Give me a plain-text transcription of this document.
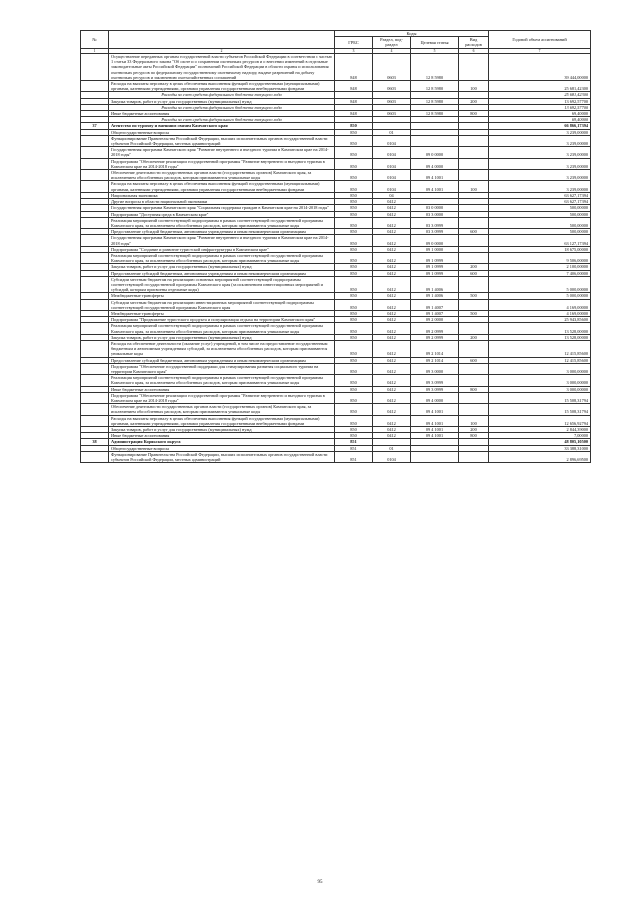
№		Коды				Годовой объем ассигнований
		ГРБС	Раздел, под- раздел	Целевая статья	Вид расходов	
1	2	3	4	5	6	7
	Осуществление переданных органам государственной власти субъектов Российской Федерации в соответствии с частью 1 статьи 33 Федерального закона "Об охоте и о сохранении охотничьих ресурсов и о внесении изменений в отдельные законодательные акты Российской Федерации" полномочий Российской Федерации в области охраны и использования охотничьих ресурсов по федеральному государственному охотничьему надзору, выдаче разрешений на добычу охотничьих ресурсов и заключению охотхозяйственных соглашений	848	0603	12 8 5980		39 444,00000
	Расходы на выплаты персоналу в целях обеспечения выполнения функций государственными (муниципальными) органами, казенными учреждениями, органами управления государственными внебюджетными фондами	848	0603	12 8 5980	100	25 681,42300
	Расходы за счет средств федерального бюджета текущего года					25 681,42300
	Закупка товаров, работ и услуг для государственных (муниципальных) нужд	848	0603	12 8 5980	200	13 692,57700
	Расходы за счет средств федерального бюджета текущего года					13 692,57700
	Иные бюджетные ассигнования	848	0603	12 8 5980	800	69,40000
	Расходы за счет средств федерального бюджета текущего года					69,40000
37	Агентство по туризму и внешним связям Камчатского края	850				66 866,17394
	Общегосударственные вопросы	850	01			3 239,00000
	Функционирование Правительства Российской Федерации, высших исполнительных органов государственной власти субъектов Российской Федерации, местных администраций	850	0104			3 239,00000
	Государственная программа Камчатского края "Развитие внутреннего и въездного туризма в Камчатском крае на 2014-2018 годы"	850	0104	09 0 0000		3 239,00000
	Подпрограмма "Обеспечение реализации государственной программы "Развитие внутреннего и въездного туризма в Камчатском крае на 2014-2018 годы"	850	0104	09 4 0000		3 239,00000
	Обеспечение деятельности государственных органов власти (государственных органов) Камчатского края, за исключением обособленных расходов, которым присваиваются уникальные коды	850	0104	09 4 1001		3 239,00000
	Расходы на выплаты персоналу в целях обеспечения выполнения функций государственными (муниципальными) органами, казенными учреждениями, органами управления государственными внебюджетными фондами	850	0104	09 4 1001	100	3 239,00000
	Национальная экономика	850	04			63 627,17394
	Другие вопросы в области национальной экономики	850	0412			63 627,17394
	Государственная программа Камчатского края "Социальная поддержка граждан в Камчатском крае на 2014-2018 годы"	850	0412	03 0 0000		500,00000
	Подпрограмма "Доступная среда в Камчатском крае"	850	0412	03 3 0000		500,00000
	Реализация мероприятий соответствующей подпрограммы в рамках соответствующей государственной программы Камчатского края, за исключением обособленных расходов, которым присваиваются уникальные коды	850	0412	03 3 0999		500,00000
	Предоставление субсидий бюджетным, автономным учреждениям и иным некоммерческим организациям	850	0412	03 3 0999	600	500,00000
	Государственная программа Камчатского края "Развитие внутреннего и въездного туризма в Камчатском крае на 2014-2018 годы"	850	0412	09 0 0000		63 127,17394
	Подпрограмма "Создание и развитие туристской инфраструктуры в Камчатском крае"	850	0412	09 1 0000		18 675,00000
	Реализация мероприятий соответствующей подпрограммы в рамках соответствующей государственной программы Камчатского края, за исключением обособленных расходов, которым присваиваются уникальные коды	850	0412	09 1 0999		9 506,00000
	Закупка товаров, работ и услуг для государственных (муниципальных) нужд	850	0412	09 1 0999	200	2 100,00000
	Предоставление субсидий бюджетным, автономным учреждениям и иным некоммерческим организациям	850	0412	09 1 0999	600	7 406,00000
	Субсидии местным бюджетам на реализацию основных мероприятий соответствующей подпрограммы соответствующей государственной программы Камчатского края (за исключением инвестиционных мероприятий и субсидий, которым присвоены отдельные коды)	850	0412	09 1 4006		5 000,00000
	Межбюджетные трансферты	850	0412	09 1 4006	500	5 000,00000
	Субсидии местным бюджетам на реализацию инвестиционных мероприятий соответствующей подпрограммы соответствующей государственной программы Камчатского края	850	0412	09 1 4007		4 169,00000
	Межбюджетные трансферты	850	0412	09 1 4007	500	4 169,00000
	Подпрограмма "Продвижение туристского продукта и популяризация отдыха на территории Камчатского края"	850	0412	09 2 0000		25 943,85600
	Реализация мероприятий соответствующей подпрограммы в рамках соответствующей государственной программы Камчатского края, за исключением обособленных расходов, которым присваиваются уникальные коды	850	0412	09 2 0999		13 528,00000
	Закупка товаров, работ и услуг для государственных (муниципальных) нужд	850	0412	09 2 0999	200	13 528,00000
	Расходы на обеспечение деятельности (оказание услуг) учреждений, в том числе на предоставление государственным бюджетным и автономным учреждениям субсидий, за исключением обособленных расходов, которым присваиваются уникальные коды	850	0412	09 2 1014		12 415,85600
	Предоставление субсидий бюджетным, автономным учреждениям и иным некоммерческим организациям	850	0412	09 2 1014	600	12 415,85600
	Подпрограмма "Обеспечение государственной поддержки для стимулирования развития социального туризма на территории Камчатского края"	850	0412	09 3 0000		3 000,00000
	Реализация мероприятий соответствующей подпрограммы в рамках соответствующей государственной программы Камчатского края, за исключением обособленных расходов, которым присваиваются уникальные коды	850	0412	09 3 0999		3 000,00000
	Иные бюджетные ассигнования	850	0412	09 3 0999	800	3 000,00000
	Подпрограмма "Обеспечение реализации государственной программы "Развитие внутреннего и въездного туризма в Камчатском крае на 2014-2018 годы"	850	0412	09 4 0000		15 508,31794
	Обеспечение деятельности государственных органов власти (государственных органов) Камчатского края, за исключением обособленных расходов, которым присваиваются уникальные коды	850	0412	09 4 1001		15 508,31794
	Расходы на выплаты персоналу в целях обеспечения выполнения функций государственными (муниципальными) органами, казенными учреждениями, органами управления государственными внебюджетными фондами	850	0412	09 4 1001	100	12 656,92794
	Закупка товаров, работ и услуг для государственных (муниципальных) нужд	850	0412	09 4 1001	200	2 844,39000
	Иные бюджетные ассигнования	850	0412	09 4 1001	800	7,00000
38	Администрация Корякского округа	851				48 805,10500
	Общегосударственные вопросы	851	01			33 388,31000
	Функционирование Правительства Российской Федерации, высших исполнительных органов государственной власти субъектов Российской Федерации, местных администраций	851	0104			2 896,69500
95
